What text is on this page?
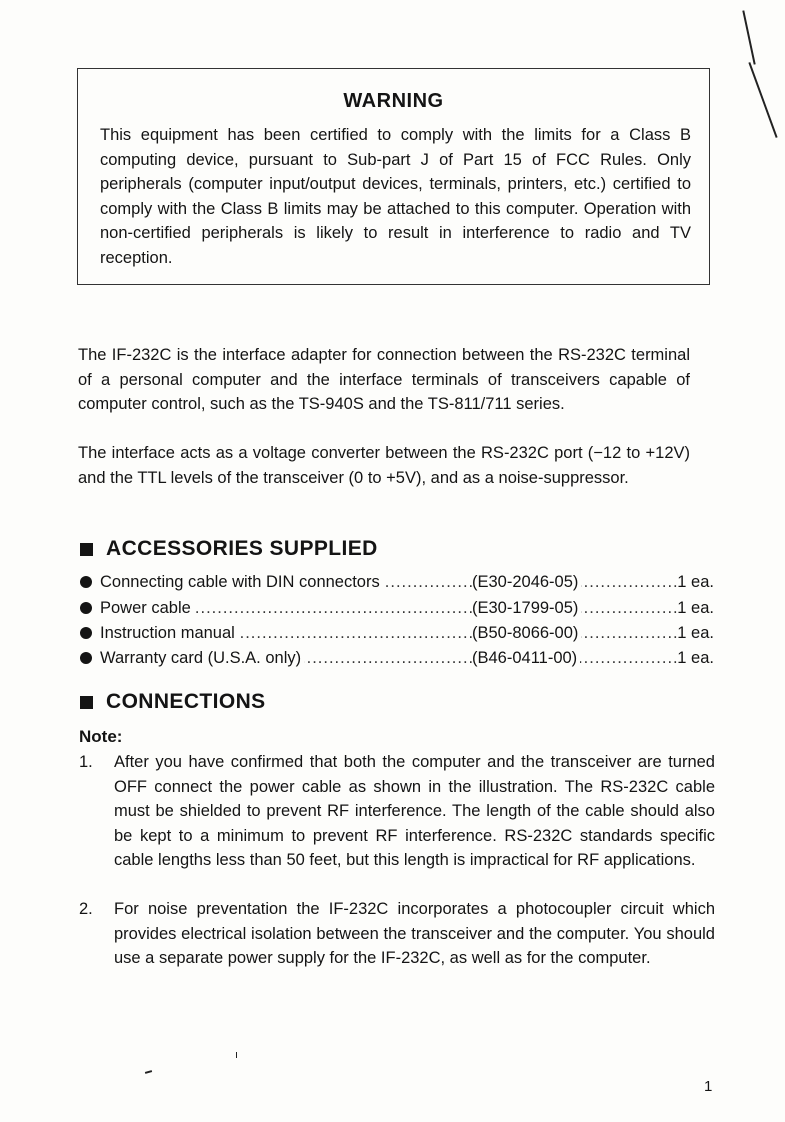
WARNING
This equipment has been certified to comply with the limits for a Class B computing device, pursuant to Sub-part J of Part 15 of FCC Rules. Only peripherals (computer input/output devices, terminals, printers, etc.) certified to comply with the Class B limits may be attached to this computer. Operation with non-certified peripherals is likely to result in interference to radio and TV reception.
The IF-232C is the interface adapter for connection between the RS-232C terminal of a personal computer and the interface terminals of transceivers capable of computer control, such as the TS-940S and the TS-811/711 series.
The interface acts as a voltage converter between the RS-232C port (−12 to +12V) and the TTL levels of the transceiver (0 to +5V), and as a noise-suppressor.
ACCESSORIES SUPPLIED
Connecting cable with DIN connectors .....	(E30-2046-05) .....	1 ea.
Power cable .....	(E30-1799-05) .....	1 ea.
Instruction manual .....	(B50-8066-00) .....	1 ea.
Warranty card (U.S.A. only) .....	(B46-0411-00) .....	1 ea.
CONNECTIONS
Note:
1. After you have confirmed that both the computer and the transceiver are turned OFF connect the power cable as shown in the illustration. The RS-232C cable must be shielded to prevent RF interference. The length of the cable should also be kept to a minimum to prevent RF interference. RS-232C standards specific cable lengths less than 50 feet, but this length is impractical for RF applications.
2. For noise preventation the IF-232C incorporates a photocoupler circuit which provides electrical isolation between the transceiver and the computer. You should use a separate power supply for the IF-232C, as well as for the computer.
1
